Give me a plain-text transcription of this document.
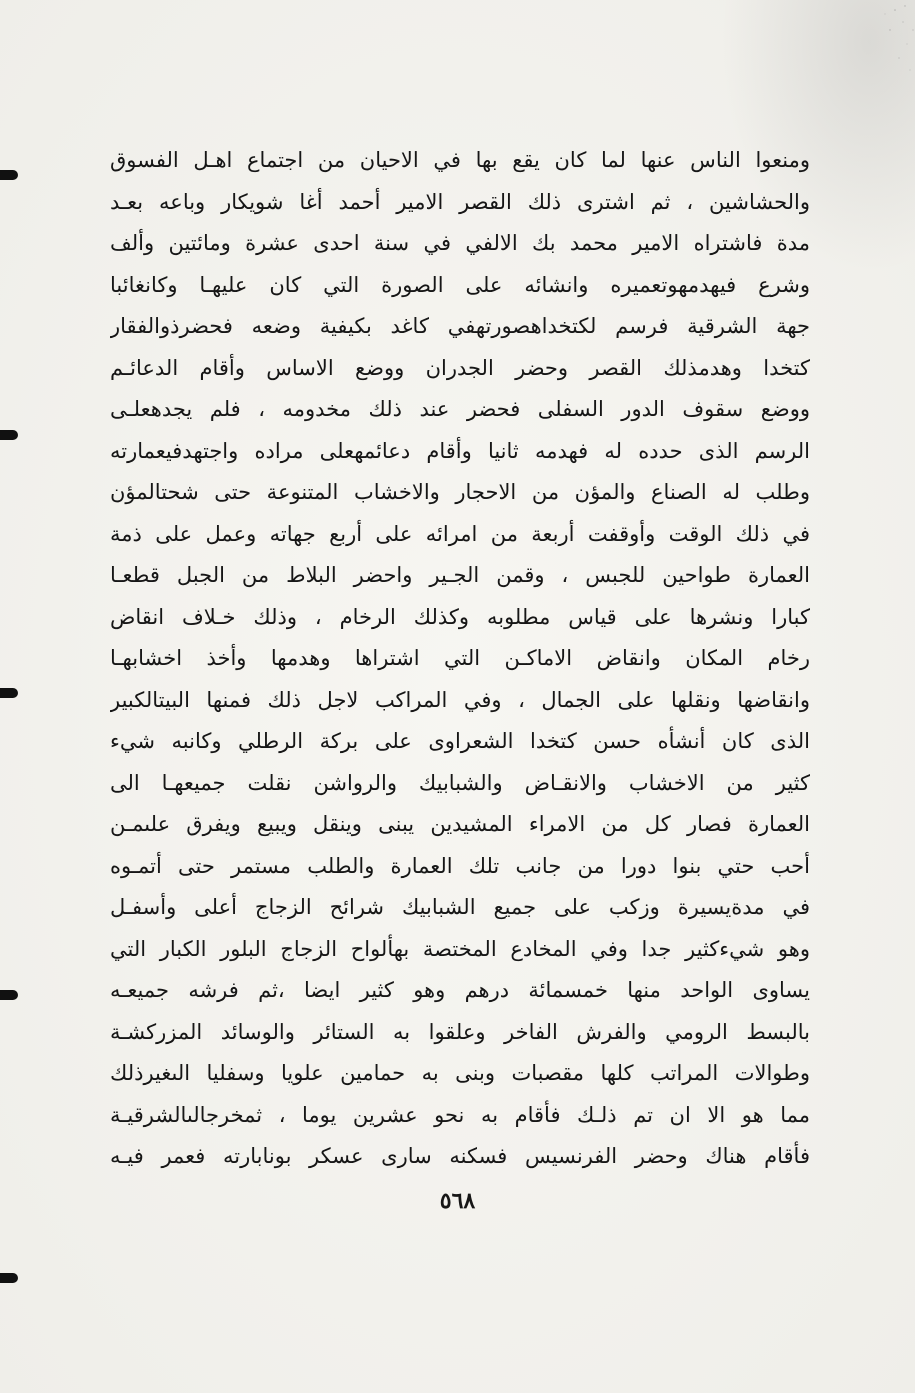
ومنعوا الناس عنها لما كان يقع بها في الاحيان من اجتماع اهـل الفسوق
والحشاشين ، ثم اشترى ذلك القصر الامير أحمد أغا شويكار وباعه بعـد
مدة فاشتراه الامير محمد بك الالفي في سنة احدى عشرة ومائتين وألف
وشرع فيهدمهوتعميره وانشائه على الصورة التي كان عليهـا وكانغائبا
جهة الشرقية فرسم لكتخداهصورتهفي كاغد بكيفية وضعه فحضرذوالفقار
كتخدا وهدمذلك القصر وحضر الجدران ووضع الاساس وأقام الدعائـم
ووضع سقوف الدور السفلى فحضر عند ذلك مخدومه ، فلم يجدهعلـى
الرسم الذى حدده له فهدمه ثانيا وأقام دعائمهعلى مراده واجتهدفيعمارته
وطلب له الصناع والمؤن من الاحجار والاخشاب المتنوعة حتى شحتالمؤن
في ذلك الوقت وأوقفت أربعة من امرائه على أربع جهاته وعمل على ذمة
العمارة طواحين للجبس ، وقمن الجـير واحضر البلاط من الجبل قطعـا
كبارا ونشرها على قياس مطلوبه وكذلك الرخام ، وذلك خـلاف انقاض
رخام المكان وانقاض الاماكـن التي اشتراها وهدمها وأخذ اخشابهـا
وانقاضها ونقلها على الجمال ، وفي المراكب لاجل ذلك فمنها البيتالكبير
الذى كان أنشأه حسن كتخدا الشعراوى على بركة الرطلي وكانبه شيء
كثير من الاخشاب والانقـاض والشبابيك والرواشن نقلت جميعهـا الى
العمارة فصار كل من الامراء المشيدين يبنى وينقل ويبيع ويفرق علىمـن
أحب حتي بنوا دورا من جانب تلك العمارة والطلب مستمر حتى أتمـوه
في مدةيسيرة وزكب على جميع الشبابيك شرائح الزجاج أعلى وأسفـل
وهو شيءكثير جدا وفي المخادع المختصة بهألواح الزجاج البلور الكبار التي
يساوى الواحد منها خمسمائة درهم وهو كثير ايضا ،ثم فرشه جميعـه
بالبسط الرومي والفرش الفاخر وعلقوا به الستائر والوسائد المزركشـة
وطوالات المراتب كلها مقصبات وبنى به حمامين علويا وسفليا الىغيرذلك
مما هو الا ان تم ذلـك فأقام به نحو عشرين يوما ، ثمخرجالىالشرقيـة
فأقام هناك وحضر الفرنسيس فسكنه سارى عسكر بونابارته فعمر فيـه
٥٦٨
